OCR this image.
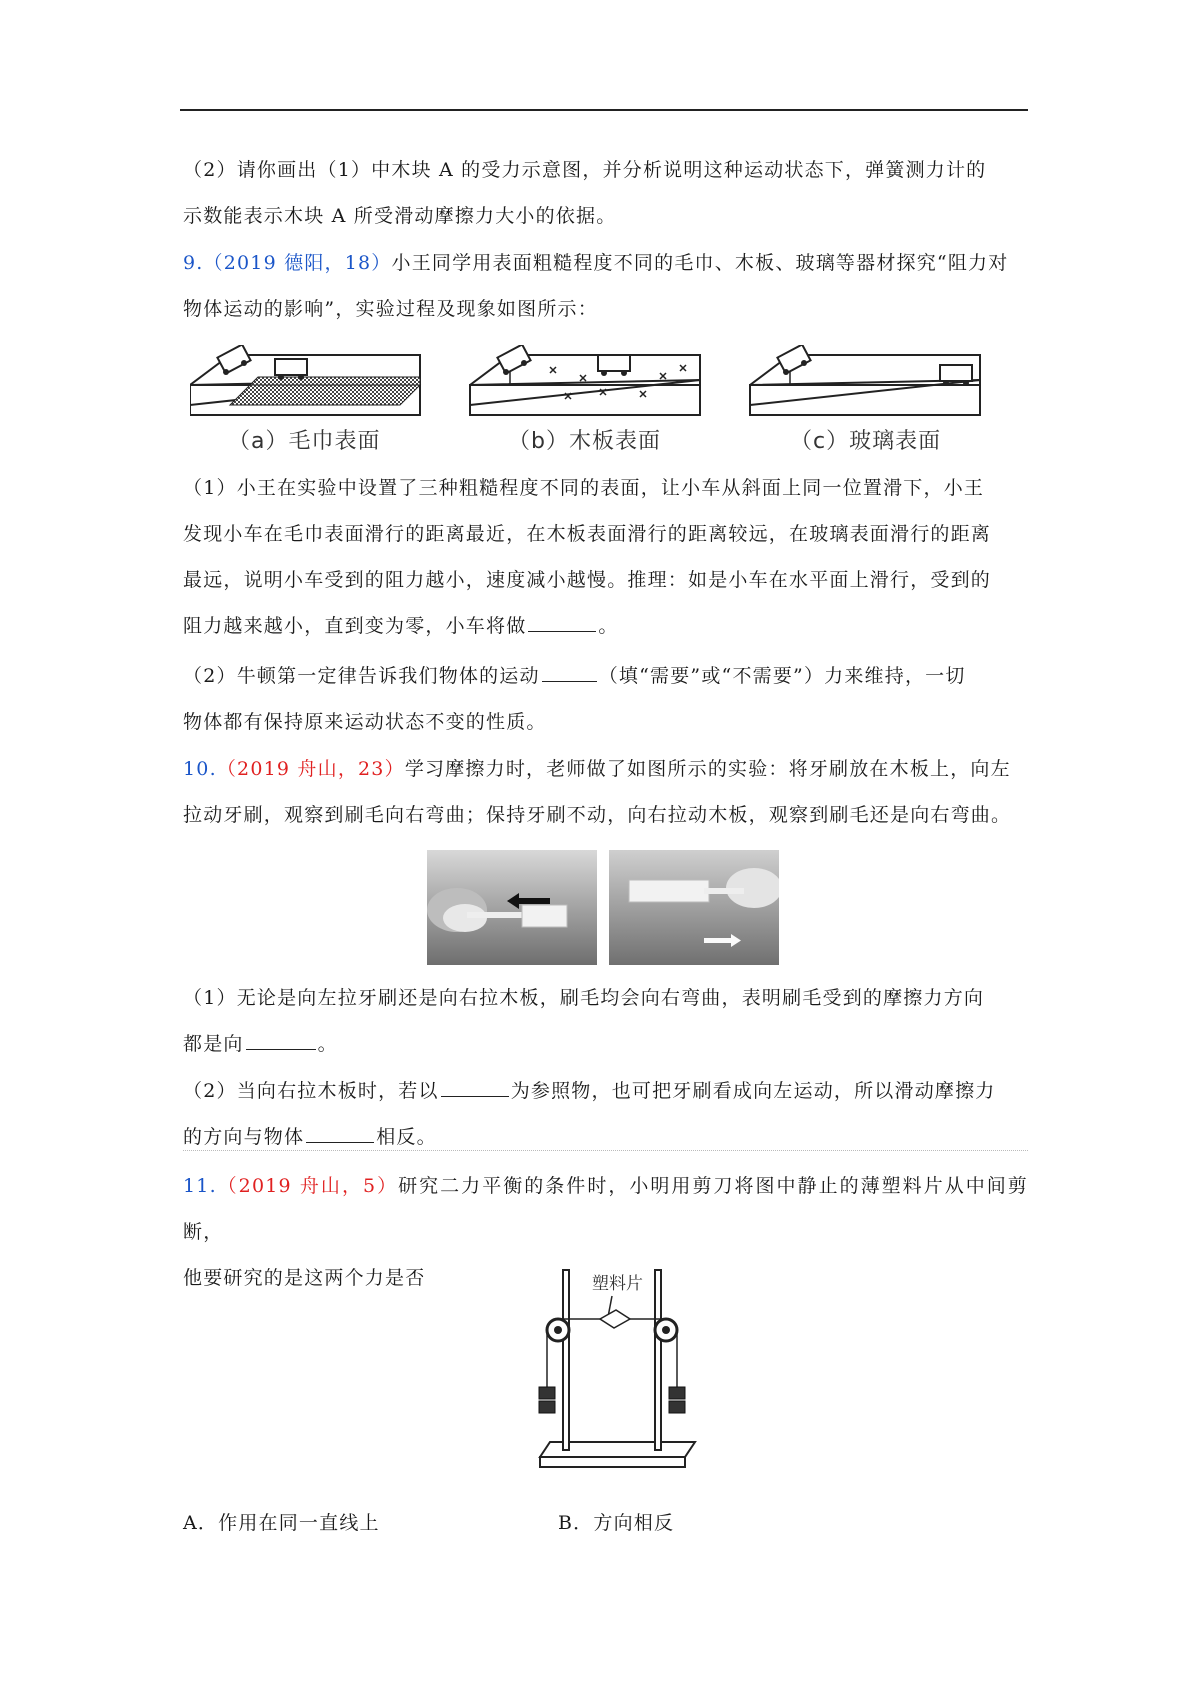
（2）请你画出（1）中木块 A 的受力示意图，并分析说明这种运动状态下，弹簧测力计的
示数能表示木块 A 所受滑动摩擦力大小的依据。
9.（2019 德阳，18）小王同学用表面粗糙程度不同的毛巾、木板、玻璃等器材探究“阻力对
物体运动的影响”，实验过程及现象如图所示：
（a）毛巾表面	（b）木板表面	（c）玻璃表面
（1）小王在实验中设置了三种粗糙程度不同的表面，让小车从斜面上同一位置滑下，小王
发现小车在毛巾表面滑行的距离最近，在木板表面滑行的距离较远，在玻璃表面滑行的距离
最远，说明小车受到的阻力越小，速度减小越慢。推理：如是小车在水平面上滑行，受到的
阻力越来越小，直到变为零，小车将做	。
（2）牛顿第一定律告诉我们物体的运动	（填“需要”或“不需要”）力来维持，一切
物体都有保持原来运动状态不变的性质。
10.（2019 舟山，23）学习摩擦力时，老师做了如图所示的实验：将牙刷放在木板上，向左
拉动牙刷，观察到刷毛向右弯曲；保持牙刷不动，向右拉动木板，观察到刷毛还是向右弯曲。
（1）无论是向左拉牙刷还是向右拉木板，刷毛均会向右弯曲，表明刷毛受到的摩擦力方向
都是向	。
（2）当向右拉木板时，若以	为参照物，也可把牙刷看成向左运动，所以滑动摩擦力
的方向与物体	相反。
11.（2019 舟山，5）研究二力平衡的条件时，小明用剪刀将图中静止的薄塑料片从中间剪断，
他要研究的是这两个力是否	塑料片
A．作用在同一直线上	B．方向相反
